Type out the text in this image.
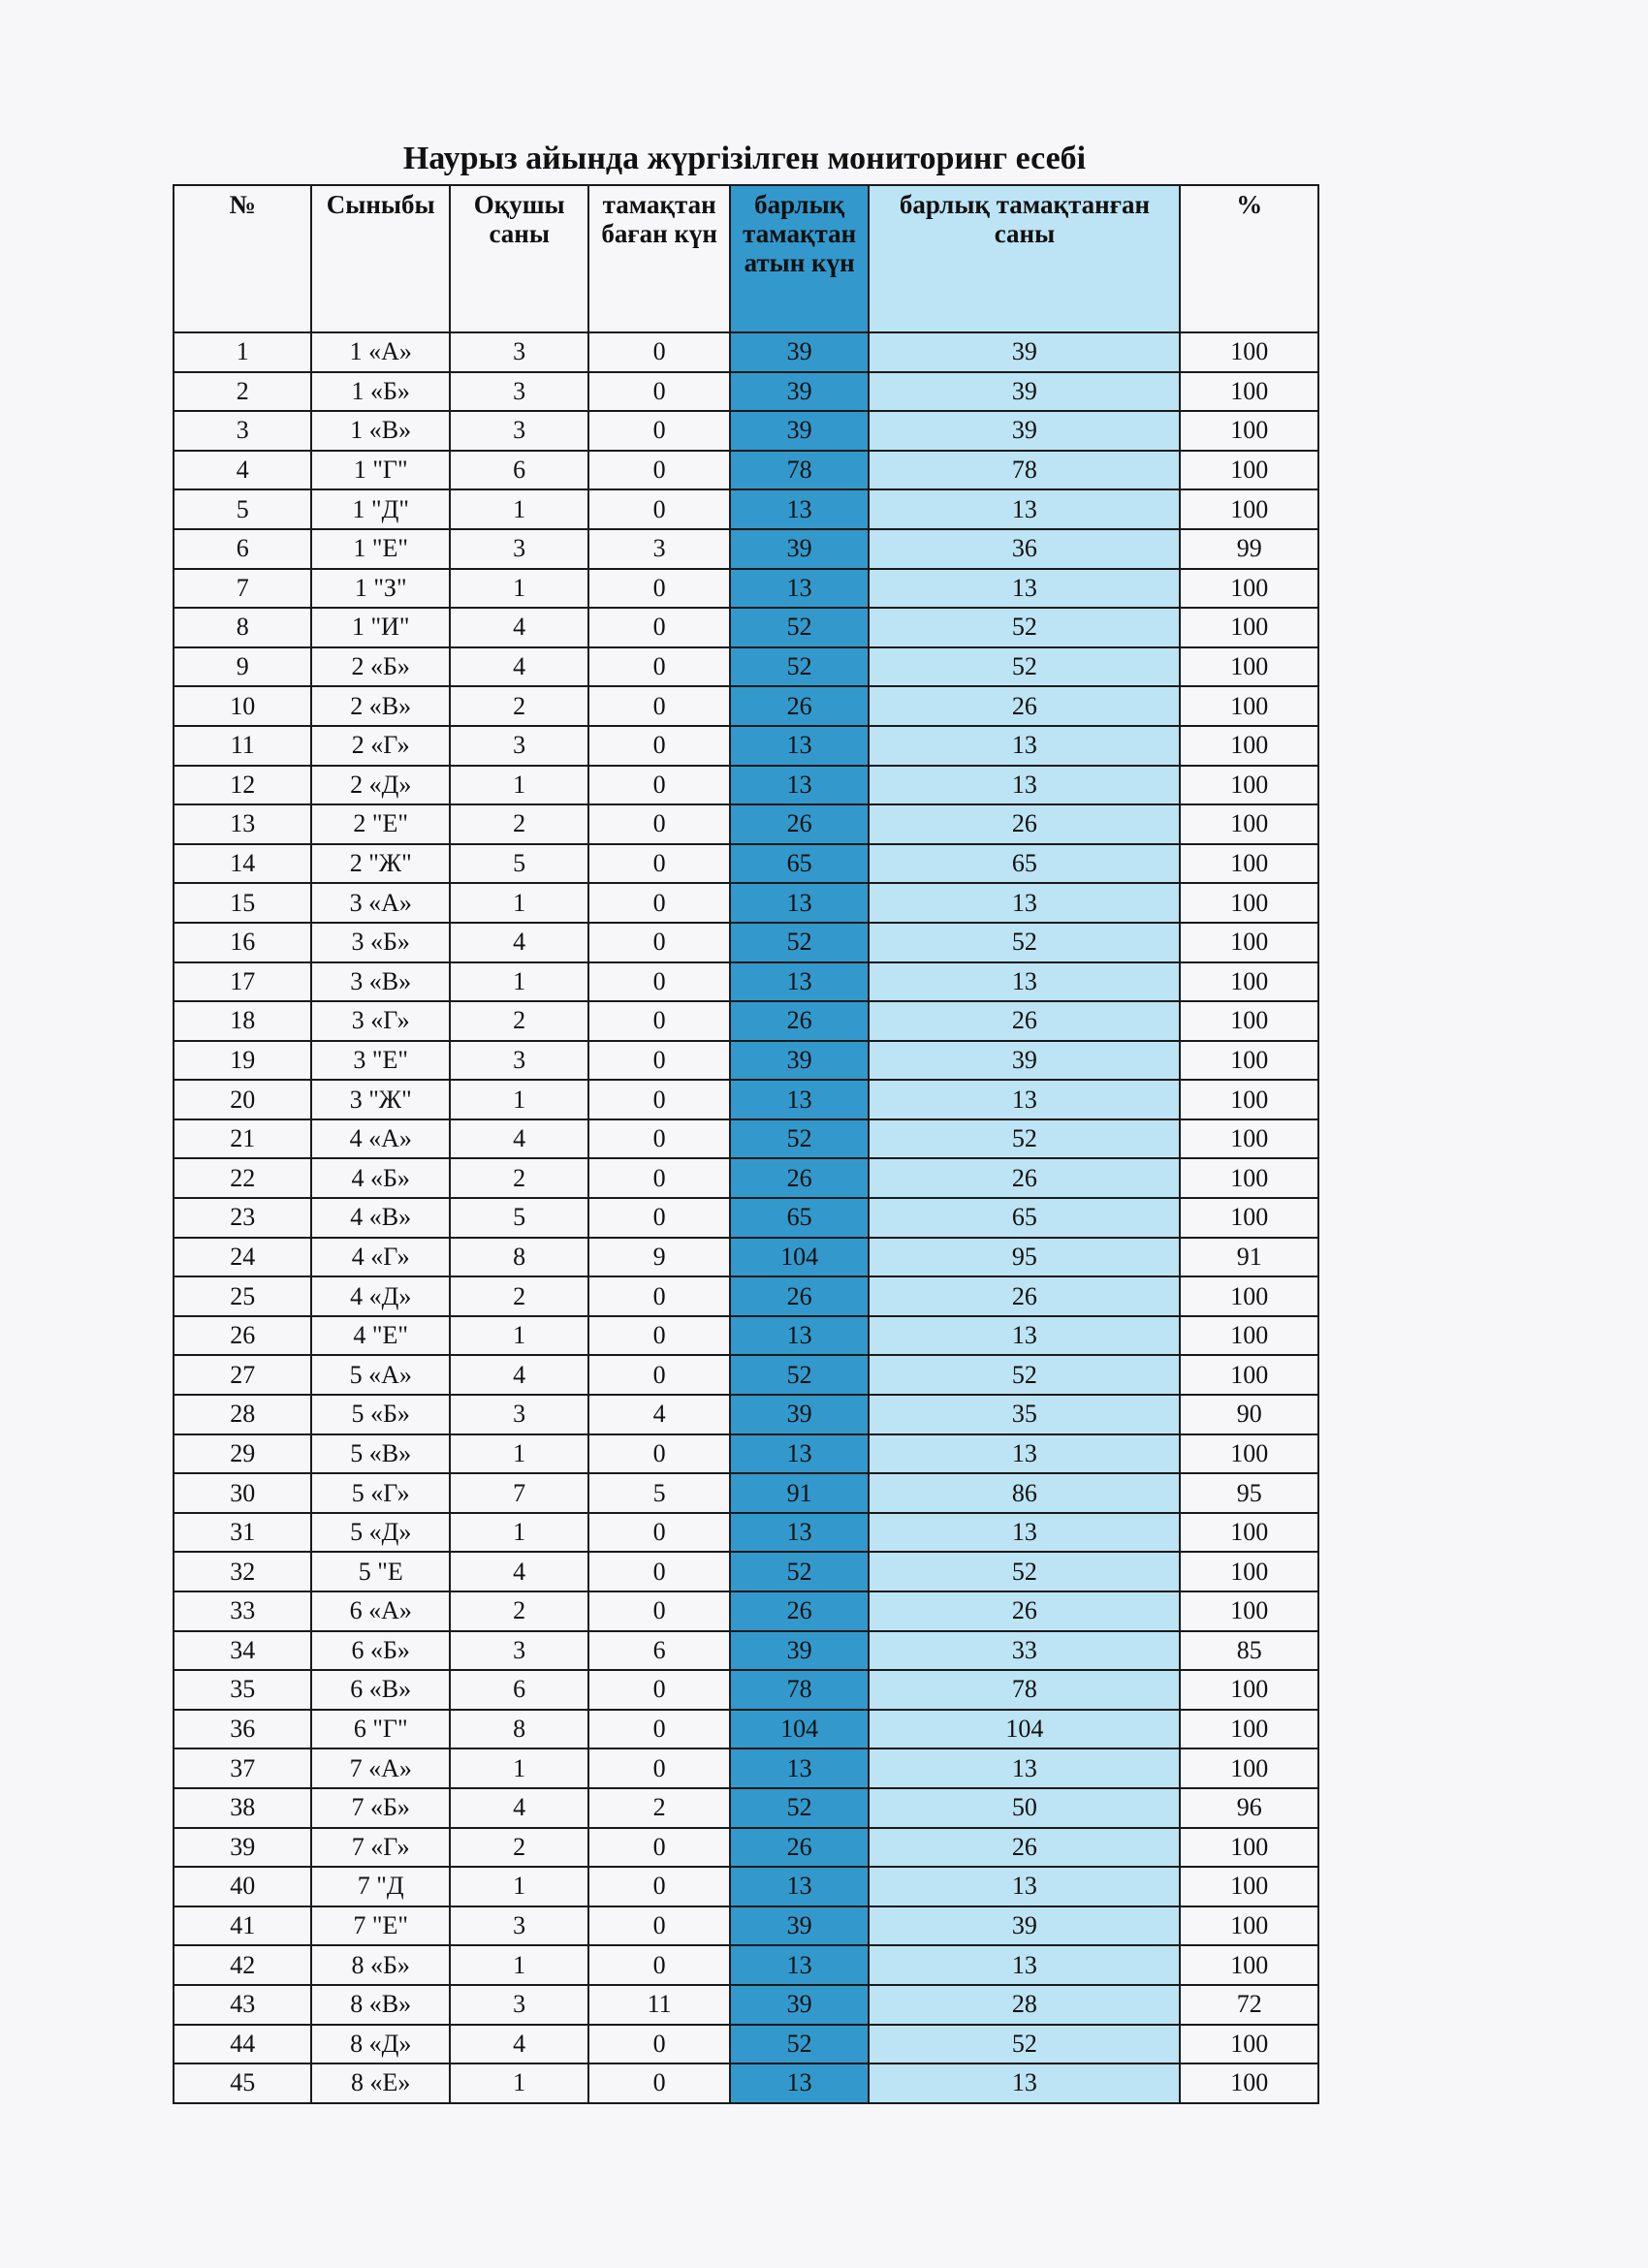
Наурыз айында жүргізілген мониторинг есебі
№	Сыныбы	Оқушы саны	тамақтан баған күн	барлық тамақтан атын күн	барлық тамақтанған саны	%
1	1 «А»	3	0	39	39	100
2	1 «Б»	3	0	39	39	100
3	1 «В»	3	0	39	39	100
4	1 "Г"	6	0	78	78	100
5	1 "Д"	1	0	13	13	100
6	1 "Е"	3	3	39	36	99
7	1 "З"	1	0	13	13	100
8	1 "И"	4	0	52	52	100
9	2 «Б»	4	0	52	52	100
10	2 «В»	2	0	26	26	100
11	2 «Г»	3	0	13	13	100
12	2 «Д»	1	0	13	13	100
13	2 "Е"	2	0	26	26	100
14	2 "Ж"	5	0	65	65	100
15	3 «А»	1	0	13	13	100
16	3 «Б»	4	0	52	52	100
17	3 «В»	1	0	13	13	100
18	3 «Г»	2	0	26	26	100
19	3 "Е"	3	0	39	39	100
20	3 "Ж"	1	0	13	13	100
21	4 «А»	4	0	52	52	100
22	4 «Б»	2	0	26	26	100
23	4 «В»	5	0	65	65	100
24	4 «Г»	8	9	104	95	91
25	4 «Д»	2	0	26	26	100
26	4 "Е"	1	0	13	13	100
27	5 «А»	4	0	52	52	100
28	5 «Б»	3	4	39	35	90
29	5 «В»	1	0	13	13	100
30	5 «Г»	7	5	91	86	95
31	5 «Д»	1	0	13	13	100
32	5 "Е	4	0	52	52	100
33	6 «А»	2	0	26	26	100
34	6 «Б»	3	6	39	33	85
35	6 «В»	6	0	78	78	100
36	6 "Г"	8	0	104	104	100
37	7 «А»	1	0	13	13	100
38	7 «Б»	4	2	52	50	96
39	7 «Г»	2	0	26	26	100
40	7 "Д	1	0	13	13	100
41	7 "Е"	3	0	39	39	100
42	8 «Б»	1	0	13	13	100
43	8 «В»	3	11	39	28	72
44	8 «Д»	4	0	52	52	100
45	8 «Е»	1	0	13	13	100
